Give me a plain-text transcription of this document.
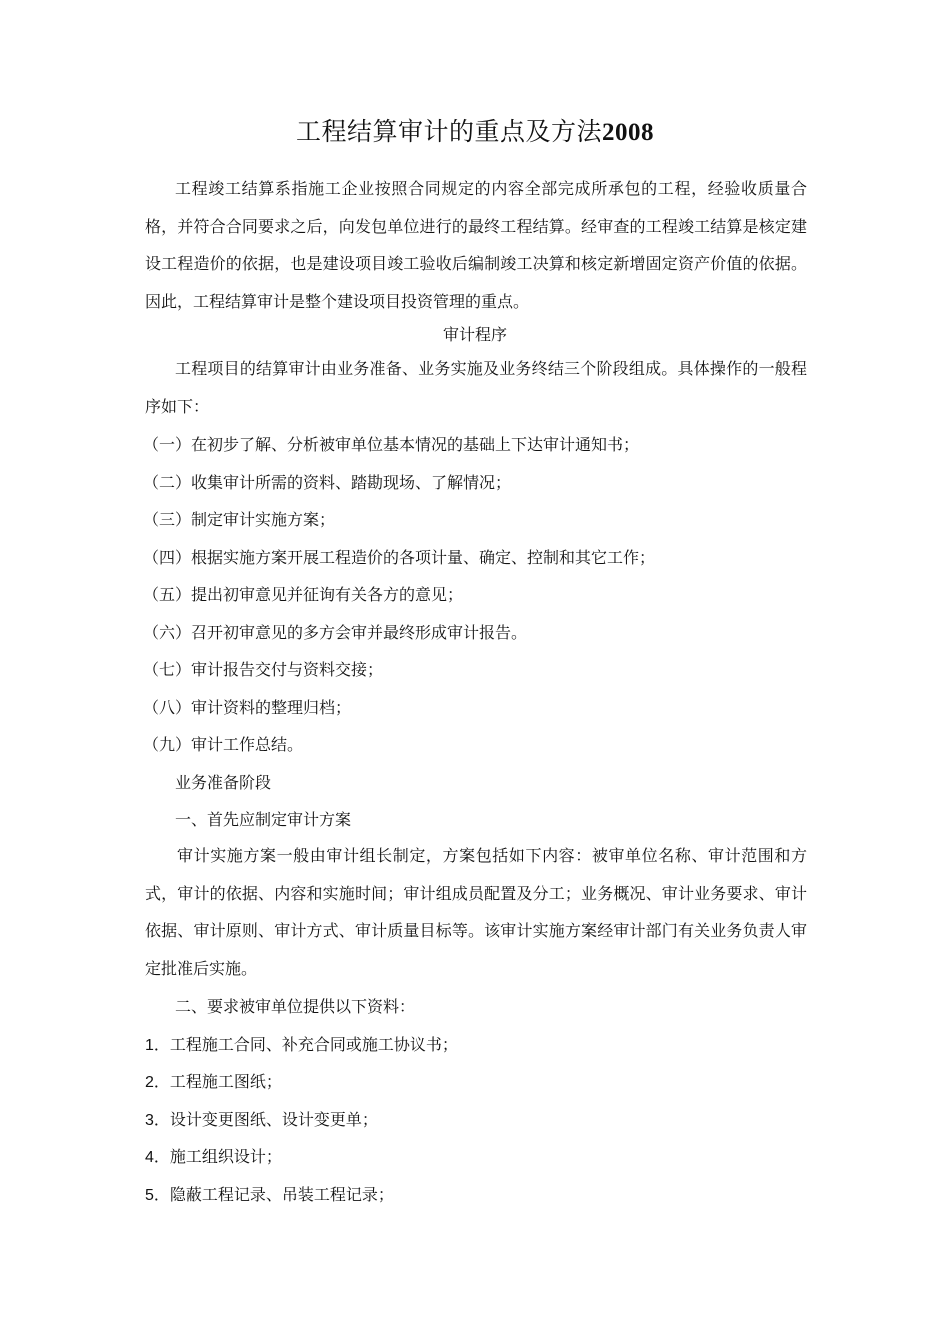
工程结算审计的重点及方法2008
工程竣工结算系指施工企业按照合同规定的内容全部完成所承包的工程，经验收质量合格，并符合合同要求之后，向发包单位进行的最终工程结算。经审查的工程竣工结算是核定建设工程造价的依据，也是建设项目竣工验收后编制竣工决算和核定新增固定资产价值的依据。因此，工程结算审计是整个建设项目投资管理的重点。
审计程序
工程项目的结算审计由业务准备、业务实施及业务终结三个阶段组成。具体操作的一般程序如下：
（一）在初步了解、分析被审单位基本情况的基础上下达审计通知书；
（二）收集审计所需的资料、踏勘现场、了解情况；
（三）制定审计实施方案；
（四）根据实施方案开展工程造价的各项计量、确定、控制和其它工作；
（五）提出初审意见并征询有关各方的意见；
（六）召开初审意见的多方会审并最终形成审计报告。
（七）审计报告交付与资料交接；
（八）审计资料的整理归档；
（九）审计工作总结。
业务准备阶段
一、首先应制定审计方案
审计实施方案一般由审计组长制定，方案包括如下内容：被审单位名称、审计范围和方式，审计的依据、内容和实施时间；审计组成员配置及分工；业务概况、审计业务要求、审计依据、审计原则、审计方式、审计质量目标等。该审计实施方案经审计部门有关业务负责人审定批准后实施。
二、要求被审单位提供以下资料：
1．工程施工合同、补充合同或施工协议书；
2．工程施工图纸；
3．设计变更图纸、设计变更单；
4．施工组织设计；
5．隐蔽工程记录、吊装工程记录；
